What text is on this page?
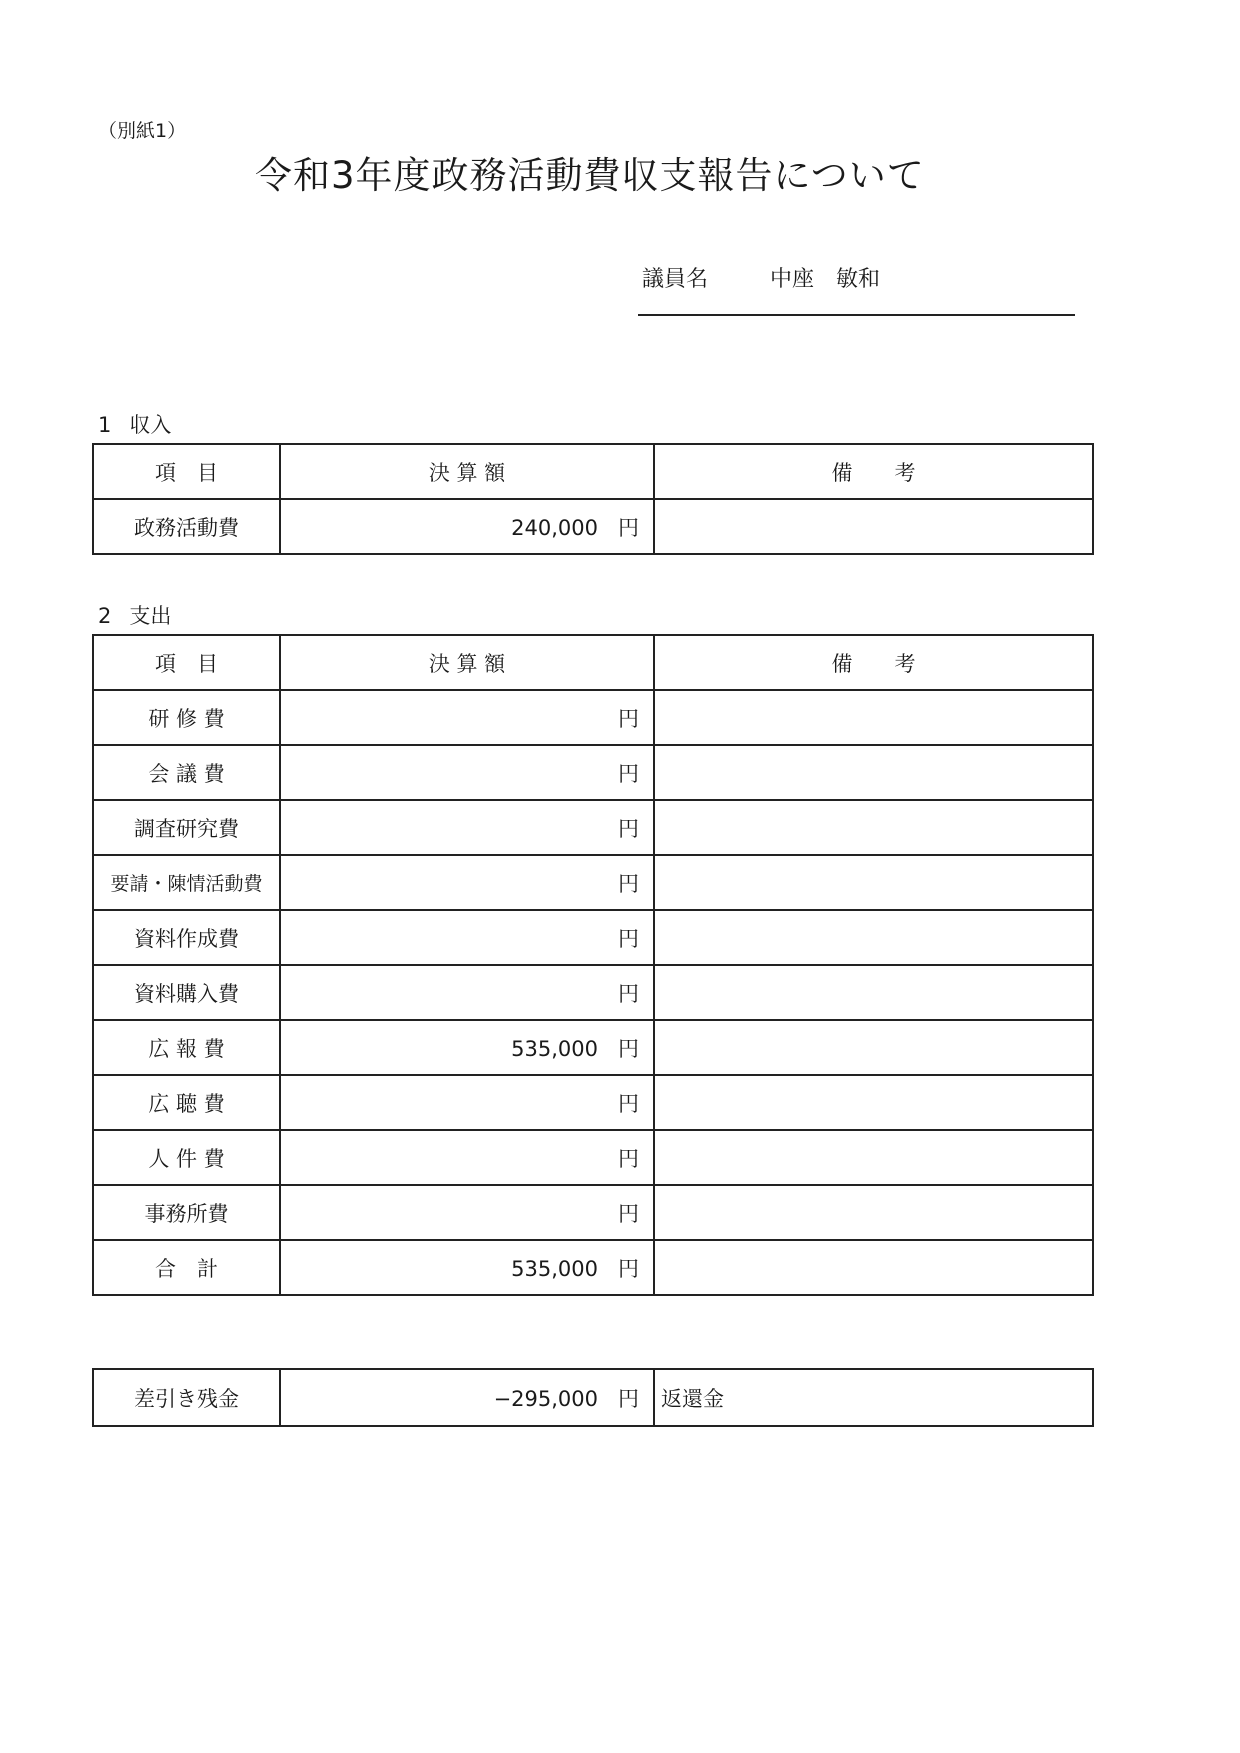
（別紙1）
令和3年度政務活動費収支報告について
議員名	中座　敏和
1 収入
項　目	決 算 額	備　　考
政務活動費	240,000 円	
2 支出
項　目	決 算 額	備　　考
研 修 費	円	
会 議 費	円	
調査研究費	円	
要請・陳情活動費	円	
資料作成費	円	
資料購入費	円	
広 報 費	535,000 円	
広 聴 費	円	
人 件 費	円	
事務所費	円	
合　計	535,000 円	
差引き残金	−295,000 円	返還金
